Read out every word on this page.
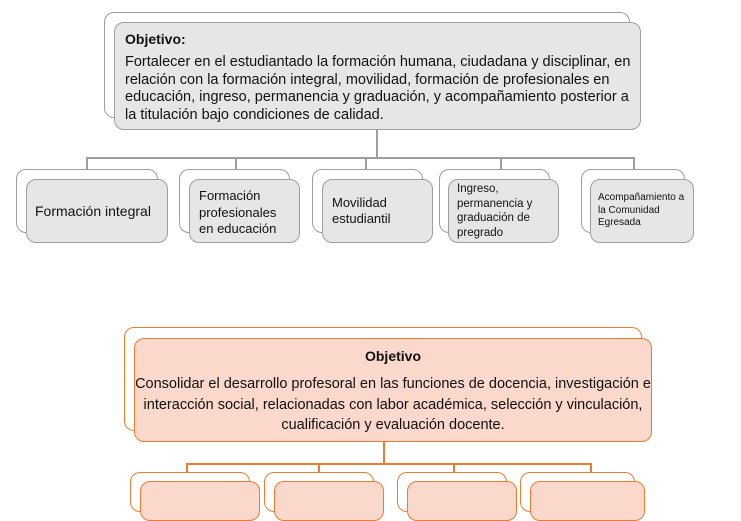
Objetivo:
Fortalecer en el estudiantado la formación humana, ciudadana y disciplinar, en relación con la formación integral, movilidad, formación de profesionales en educación, ingreso, permanencia y graduación, y acompañamiento posterior a la titulación bajo condiciones de calidad.
Formación integral
Formación profesionales en educación
Movilidad estudiantil
Ingreso, permanencia y graduación de pregrado
Acompañamiento a la Comunidad Egresada
Objetivo
Consolidar el desarrollo profesoral en las funciones de docencia, investigación e interacción social, relacionadas con labor académica, selección y vinculación, cualificación y evaluación docente.
